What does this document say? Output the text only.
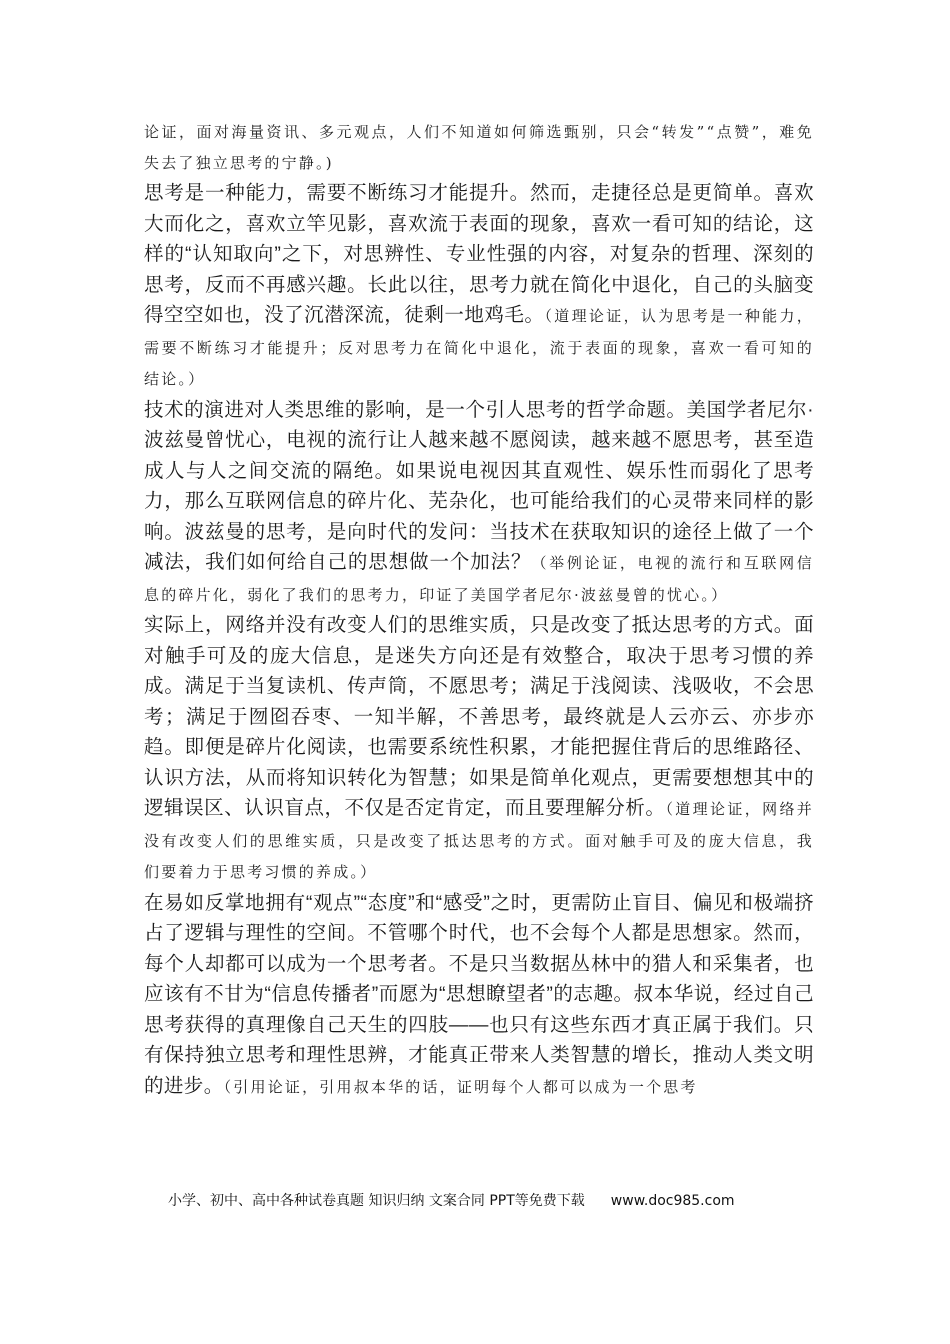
论证，面对海量资讯、多元观点，人们不知道如何筛选甄别，只会“转发”“点赞”，难免失去了独立思考的宁静。)

思考是一种能力，需要不断练习才能提升。然而，走捷径总是更简单。喜欢大而化之，喜欢立竿见影，喜欢流于表面的现象，喜欢一看可知的结论，这样的“认知取向”之下，对思辨性、专业性强的内容，对复杂的哲理、深刻的思考，反而不再感兴趣。长此以往，思考力就在简化中退化，自己的头脑变得空空如也，没了沉潜深流，徒剩一地鸡毛。（道理论证，认为思考是一种能力，需要不断练习才能提升；反对思考力在简化中退化，流于表面的现象，喜欢一看可知的结论。）

技术的演进对人类思维的影响，是一个引人思考的哲学命题。美国学者尼尔·波兹曼曾忧心，电视的流行让人越来越不愿阅读，越来越不愿思考，甚至造成人与人之间交流的隔绝。如果说电视因其直观性、娱乐性而弱化了思考力，那么互联网信息的碎片化、芜杂化，也可能给我们的心灵带来同样的影响。波兹曼的思考，是向时代的发问：当技术在获取知识的途径上做了一个减法，我们如何给自己的思想做一个加法？（举例论证，电视的流行和互联网信息的碎片化，弱化了我们的思考力，印证了美国学者尼尔·波兹曼曾的忧心。）

实际上，网络并没有改变人们的思维实质，只是改变了抵达思考的方式。面对触手可及的庞大信息，是迷失方向还是有效整合，取决于思考习惯的养成。满足于当复读机、传声筒，不愿思考；满足于浅阅读、浅吸收，不会思考；满足于囫囵吞枣、一知半解，不善思考，最终就是人云亦云、亦步亦趋。即便是碎片化阅读，也需要系统性积累，才能把握住背后的思维路径、认识方法，从而将知识转化为智慧；如果是简单化观点，更需要想想其中的逻辑误区、认识盲点，不仅是否定肯定，而且要理解分析。（道理论证，网络并没有改变人们的思维实质，只是改变了抵达思考的方式。面对触手可及的庞大信息，我们要着力于思考习惯的养成。）

在易如反掌地拥有“观点”“态度”和“感受”之时，更需防止盲目、偏见和极端挤占了逻辑与理性的空间。不管哪个时代，也不会每个人都是思想家。然而，每个人却都可以成为一个思考者。不是只当数据丛林中的猎人和采集者，也应该有不甘为“信息传播者”而愿为“思想瞭望者”的志趣。叔本华说，经过自己思考获得的真理像自己天生的四肢——也只有这些东西才真正属于我们。只有保持独立思考和理性思辨，才能真正带来人类智慧的增长，推动人类文明的进步。（引用论证，引用叔本华的话，证明每个人都可以成为一个思考

小学、初中、高中各种试卷真题 知识归纳 文案合同 PPT等免费下载 www.doc985.com
